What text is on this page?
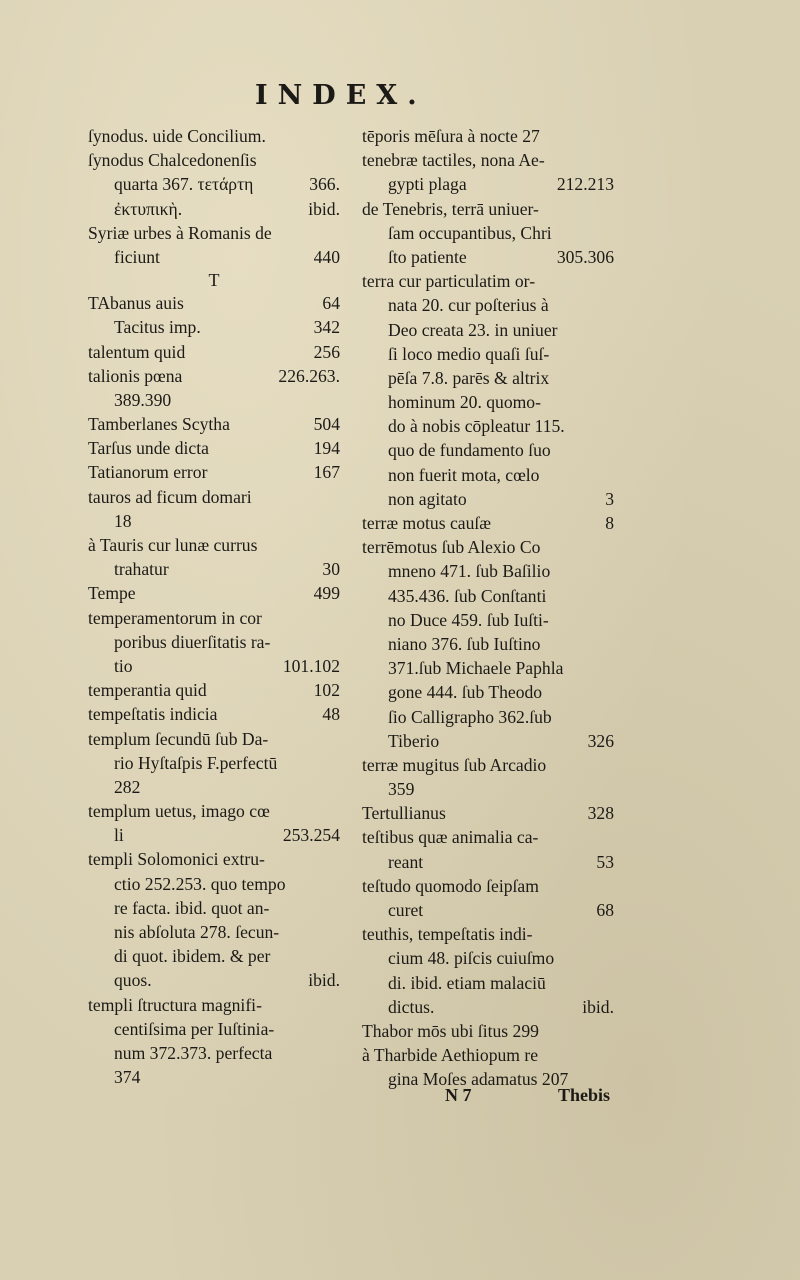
INDEX.
ſynodus. uide Concilium.
ſynodus Chalcedonenſis
quarta 367. τετάρτη	366.
ἐκτυπικὴ.	ibid.
Syriæ urbes à Romanis de
ficiunt	440
T
TAbanus auis	64
Tacitus imp.	342
talentum quid	256
talionis pœna	226.263.
389.390
Tamberlanes Scytha	504
Tarſus unde dicta	194
Tatianorum error	167
tauros ad ficum domari
18
à Tauris cur lunæ currus
trahatur	30
Tempe	499
temperamentorum in cor
poribus diuerſitatis ra-
tio	101.102
temperantia quid	102
tempeſtatis indicia	48
templum ſecundū ſub Da-
rio Hyſtaſpis F.perfectū
282
templum uetus, imago cœ
li	253.254
templi Solomonici extru-
ctio 252.253. quo tempo
re facta. ibid. quot an-
nis abſoluta 278. ſecun-
di quot. ibidem. & per
quos.	ibid.
templi ſtructura magnifi-
centiſsima per Iuſtinia-
num 372.373. perfecta
374
tēporis mēſura à nocte 27
tenebræ tactiles, nona Ae-
gypti plaga	212.213
de Tenebris, terrā uniuer-
ſam occupantibus, Chri
ſto patiente	305.306
terra cur particulatim or-
nata 20. cur poſterius à
Deo creata 23. in uniuer
ſi loco medio quaſi ſuſ-
pēſa 7.8. parēs & altrix
hominum 20. quomo-
do à nobis cōpleatur 115.
quo de fundamento ſuo
non fuerit mota, cœlo
non agitato	3
terræ motus cauſæ	8
terrēmotus ſub Alexio Co
mneno 471. ſub Baſilio
435.436. ſub Conſtanti
no Duce 459. ſub Iuſti-
niano 376. ſub Iuſtino
371.ſub Michaele Paphla
gone 444. ſub Theodo
ſio Calligrapho 362.ſub
Tiberio	326
terræ mugitus ſub Arcadio
359
Tertullianus	328
teſtibus quæ animalia ca-
reant	53
teſtudo quomodo ſeipſam
curet	68
teuthis, tempeſtatis indi-
cium 48. piſcis cuiuſmo
di. ibid. etiam malaciū
dictus.	ibid.
Thabor mōs ubi ſitus 299
à Tharbide Aethiopum re
gina Moſes adamatus 207
N 7	Thebis
